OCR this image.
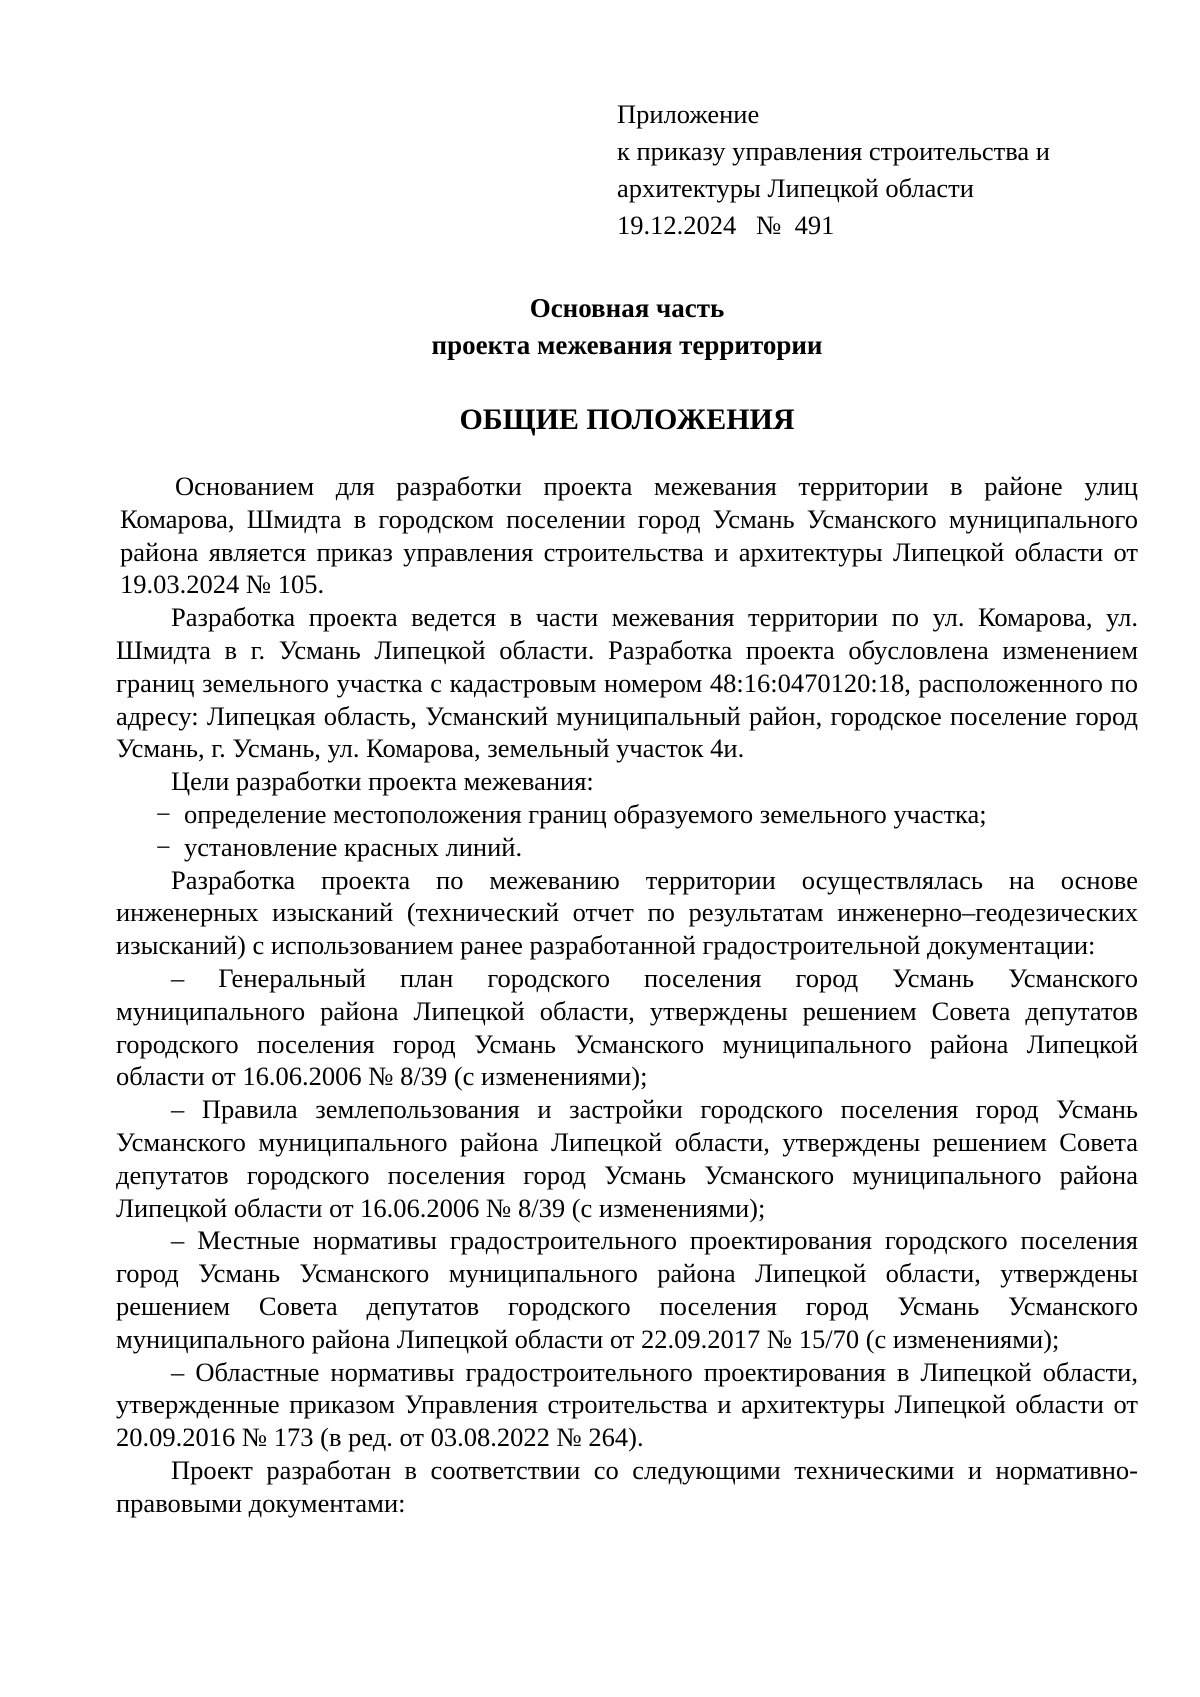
Приложение
к приказу управления строительства и
архитектуры Липецкой области
19.12.2024   №  491
Основная часть
проекта межевания территории
ОБЩИЕ ПОЛОЖЕНИЯ

Основанием для разработки проекта межевания территории в районе улиц Комарова, Шмидта в городском поселении город Усмань Усманского муниципального района является приказ управления строительства и архитектуры Липецкой области от 19.03.2024 № 105.

Разработка проекта ведется в части межевания территории по ул. Комарова, ул. Шмидта в г. Усмань Липецкой области. Разработка проекта обусловлена изменением границ земельного участка с кадастровым номером 48:16:0470120:18, расположенного по адресу: Липецкая область, Усманский муниципальный район, городское поселение город Усмань, г. Усмань, ул. Комарова, земельный участок 4и.

Цели разработки проекта межевания:

− определение местоположения границ образуемого земельного участка;

− установление красных линий.

Разработка проекта по межеванию территории осуществлялась на основе инженерных изысканий (технический отчет по результатам инженерно–геодезических изысканий) с использованием ранее разработанной градостроительной документации:

– Генеральный план городского поселения город Усмань Усманского муниципального района Липецкой области, утверждены решением Совета депутатов городского поселения город Усмань Усманского муниципального района Липецкой области от 16.06.2006 № 8/39 (с изменениями);

– Правила землепользования и застройки городского поселения город Усмань Усманского муниципального района Липецкой области, утверждены решением Совета депутатов городского поселения город Усмань Усманского муниципального района Липецкой области от 16.06.2006 № 8/39 (с изменениями);

– Местные нормативы градостроительного проектирования городского поселения город Усмань Усманского муниципального района Липецкой области, утверждены решением Совета депутатов городского поселения город Усмань Усманского муниципального района Липецкой области от 22.09.2017 № 15/70 (с изменениями);

– Областные нормативы градостроительного проектирования в Липецкой области, утвержденные приказом Управления строительства и архитектуры Липецкой области от 20.09.2016 № 173 (в ред. от 03.08.2022 № 264).

Проект разработан в соответствии со следующими техническими и нормативно-правовыми документами:
